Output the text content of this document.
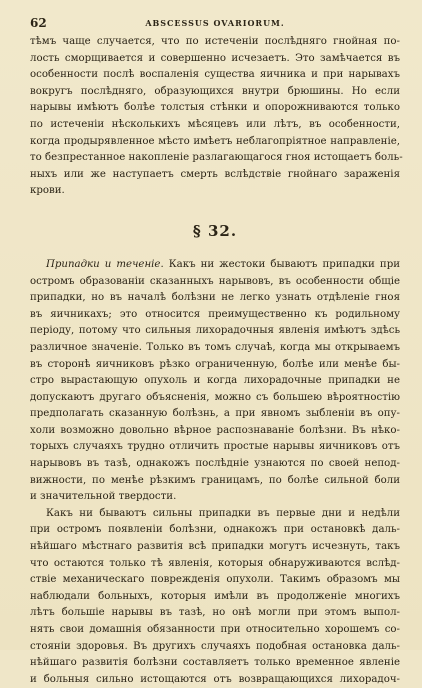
62	ABSCESSUS OVARIORUM.
тѣмъ чаще случается, что по истеченіи послѣдняго гнойная по-
лость сморщивается и совершенно исчезаетъ. Это замѣчается въ
особенности послѣ воспаленія существа яичника и при нарывахъ
вокругъ послѣдняго, образующихся внутри брюшины. Но если
нарывы имѣютъ болѣе толстыя стѣнки и опорожниваются только
по истеченіи нѣсколькихъ мѣсяцевъ или лѣтъ, въ особенности,
когда продырявленное мѣсто имѣетъ неблагопріятное направленіе,
то безпрестанное накопленіе разлагающагося гноя истощаетъ боль-
ныхъ или же наступаетъ смерть вслѣдствіе гнойнаго зараженія
крови.
§ 32.
Припадки и теченіе. Какъ ни жестоки бываютъ припадки при
остромъ образованіи сказанныхъ нарывовъ, въ особенности общіе
припадки, но въ началѣ болѣзни не легко узнать отдѣленіе гноя
въ яичникахъ; это относится преимущественно къ родильному
періоду, потому что сильныя лихорадочныя явленія имѣютъ здѣсь
различное значеніе. Только въ томъ случаѣ, когда мы открываемъ
въ сторонѣ яичниковъ рѣзко ограниченную, болѣе или менѣе бы-
стро вырастающую опухоль и когда лихорадочные припадки не
допускаютъ другаго объясненія, можно съ большею вѣроятностію
предполагать сказанную болѣзнь, а при явномъ зыбленіи въ опу-
холи возможно довольно вѣрное распознаваніе болѣзни. Въ нѣко-
торыхъ случаяхъ трудно отличить простые нарывы яичниковъ отъ
нарывовъ въ тазѣ, однакожъ послѣдніе узнаются по своей непод-
вижности, по менѣе рѣзкимъ границамъ, по болѣе сильной боли
и значительной твердости.
Какъ ни бываютъ сильны припадки въ первые дни и недѣли
при остромъ появленіи болѣзни, однакожъ при остановкѣ даль-
нѣйшаго мѣстнаго развитія всѣ припадки могутъ исчезнуть, такъ
что остаются только тѣ явленія, которыя обнаруживаются вслѣд-
ствіе механическаго поврежденія опухоли. Такимъ образомъ мы
наблюдали больныхъ, которыя имѣли въ продолженіе многихъ
лѣтъ большіе нарывы въ тазѣ, но онѣ могли при этомъ выпол-
нять свои домашнія обязанности при относительно хорошемъ со-
стояніи здоровья. Въ другихъ случаяхъ подобная остановка даль-
нѣйшаго развитія болѣзни составляетъ только временное явленіе
и больныя сильно истощаются отъ возвращающихся лихорадоч-
